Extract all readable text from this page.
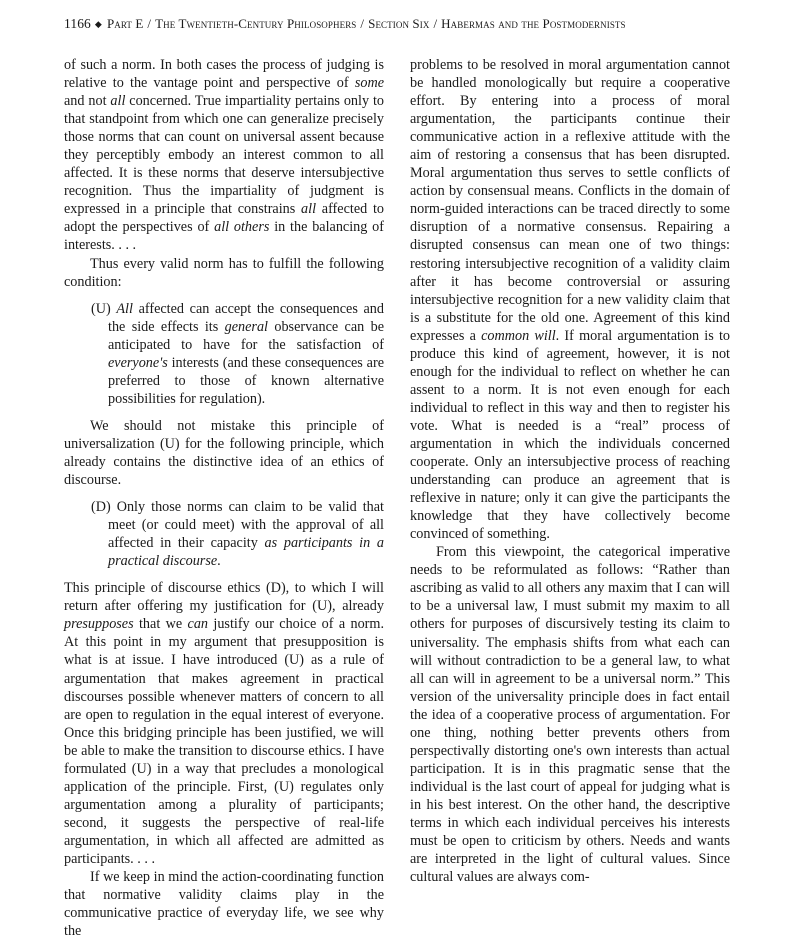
1166 ◆ Part E / The Twentieth-Century Philosophers / Section Six / Habermas and the Postmodernists

of such a norm. In both cases the process of judging is relative to the vantage point and perspective of some and not all concerned. True impartiality pertains only to that standpoint from which one can generalize precisely those norms that can count on universal assent because they perceptibly embody an interest common to all affected. It is these norms that deserve intersubjective recognition. Thus the impartiality of judgment is expressed in a principle that constrains all affected to adopt the perspectives of all others in the balancing of interests. . . .

Thus every valid norm has to fulfill the following condition:

(U) All affected can accept the consequences and the side effects its general observance can be anticipated to have for the satisfaction of everyone's interests (and these consequences are preferred to those of known alternative possibilities for regulation).

We should not mistake this principle of universalization (U) for the following principle, which already contains the distinctive idea of an ethics of discourse.

(D) Only those norms can claim to be valid that meet (or could meet) with the approval of all affected in their capacity as participants in a practical discourse.

This principle of discourse ethics (D), to which I will return after offering my justification for (U), already presupposes that we can justify our choice of a norm. At this point in my argument that presupposition is what is at issue. I have introduced (U) as a rule of argumentation that makes agreement in practical discourses possible whenever matters of concern to all are open to regulation in the equal interest of everyone. Once this bridging principle has been justified, we will be able to make the transition to discourse ethics. I have formulated (U) in a way that precludes a monological application of the principle. First, (U) regulates only argumentation among a plurality of participants; second, it suggests the perspective of real-life argumentation, in which all affected are admitted as participants. . . .

If we keep in mind the action-coordinating function that normative validity claims play in the communicative practice of everyday life, we see why the

problems to be resolved in moral argumentation cannot be handled monologically but require a cooperative effort. By entering into a process of moral argumentation, the participants continue their communicative action in a reflexive attitude with the aim of restoring a consensus that has been disrupted. Moral argumentation thus serves to settle conflicts of action by consensual means. Conflicts in the domain of norm-guided interactions can be traced directly to some disruption of a normative consensus. Repairing a disrupted consensus can mean one of two things: restoring intersubjective recognition of a validity claim after it has become controversial or assuring intersubjective recognition for a new validity claim that is a substitute for the old one. Agreement of this kind expresses a common will. If moral argumentation is to produce this kind of agreement, however, it is not enough for the individual to reflect on whether he can assent to a norm. It is not even enough for each individual to reflect in this way and then to register his vote. What is needed is a “real” process of argumentation in which the individuals concerned cooperate. Only an intersubjective process of reaching understanding can produce an agreement that is reflexive in nature; only it can give the participants the knowledge that they have collectively become convinced of something.

From this viewpoint, the categorical imperative needs to be reformulated as follows: “Rather than ascribing as valid to all others any maxim that I can will to be a universal law, I must submit my maxim to all others for purposes of discursively testing its claim to universality. The emphasis shifts from what each can will without contradiction to be a general law, to what all can will in agreement to be a universal norm.” This version of the universality principle does in fact entail the idea of a cooperative process of argumentation. For one thing, nothing better prevents others from perspectivally distorting one's own interests than actual participation. It is in this pragmatic sense that the individual is the last court of appeal for judging what is in his best interest. On the other hand, the descriptive terms in which each individual perceives his interests must be open to criticism by others. Needs and wants are interpreted in the light of cultural values. Since cultural values are always com-
